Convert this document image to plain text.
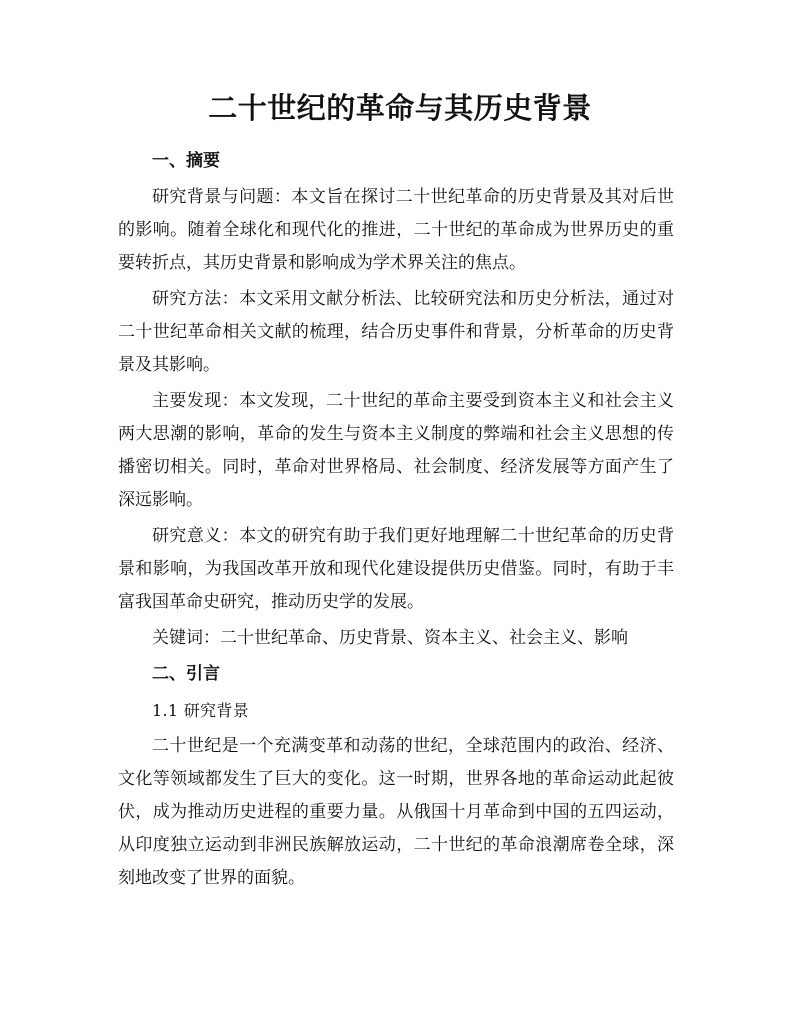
二十世纪的革命与其历史背景
一、摘要

研究背景与问题：本文旨在探讨二十世纪革命的历史背景及其对后世的影响。随着全球化和现代化的推进，二十世纪的革命成为世界历史的重要转折点，其历史背景和影响成为学术界关注的焦点。

研究方法：本文采用文献分析法、比较研究法和历史分析法，通过对二十世纪革命相关文献的梳理，结合历史事件和背景，分析革命的历史背景及其影响。

主要发现：本文发现，二十世纪的革命主要受到资本主义和社会主义两大思潮的影响，革命的发生与资本主义制度的弊端和社会主义思想的传播密切相关。同时，革命对世界格局、社会制度、经济发展等方面产生了深远影响。

研究意义：本文的研究有助于我们更好地理解二十世纪革命的历史背景和影响，为我国改革开放和现代化建设提供历史借鉴。同时，有助于丰富我国革命史研究，推动历史学的发展。

关键词：二十世纪革命、历史背景、资本主义、社会主义、影响

二、引言
1.1 研究背景

二十世纪是一个充满变革和动荡的世纪，全球范围内的政治、经济、文化等领域都发生了巨大的变化。这一时期，世界各地的革命运动此起彼伏，成为推动历史进程的重要力量。从俄国十月革命到中国的五四运动，从印度独立运动到非洲民族解放运动，二十世纪的革命浪潮席卷全球，深刻地改变了世界的面貌。
